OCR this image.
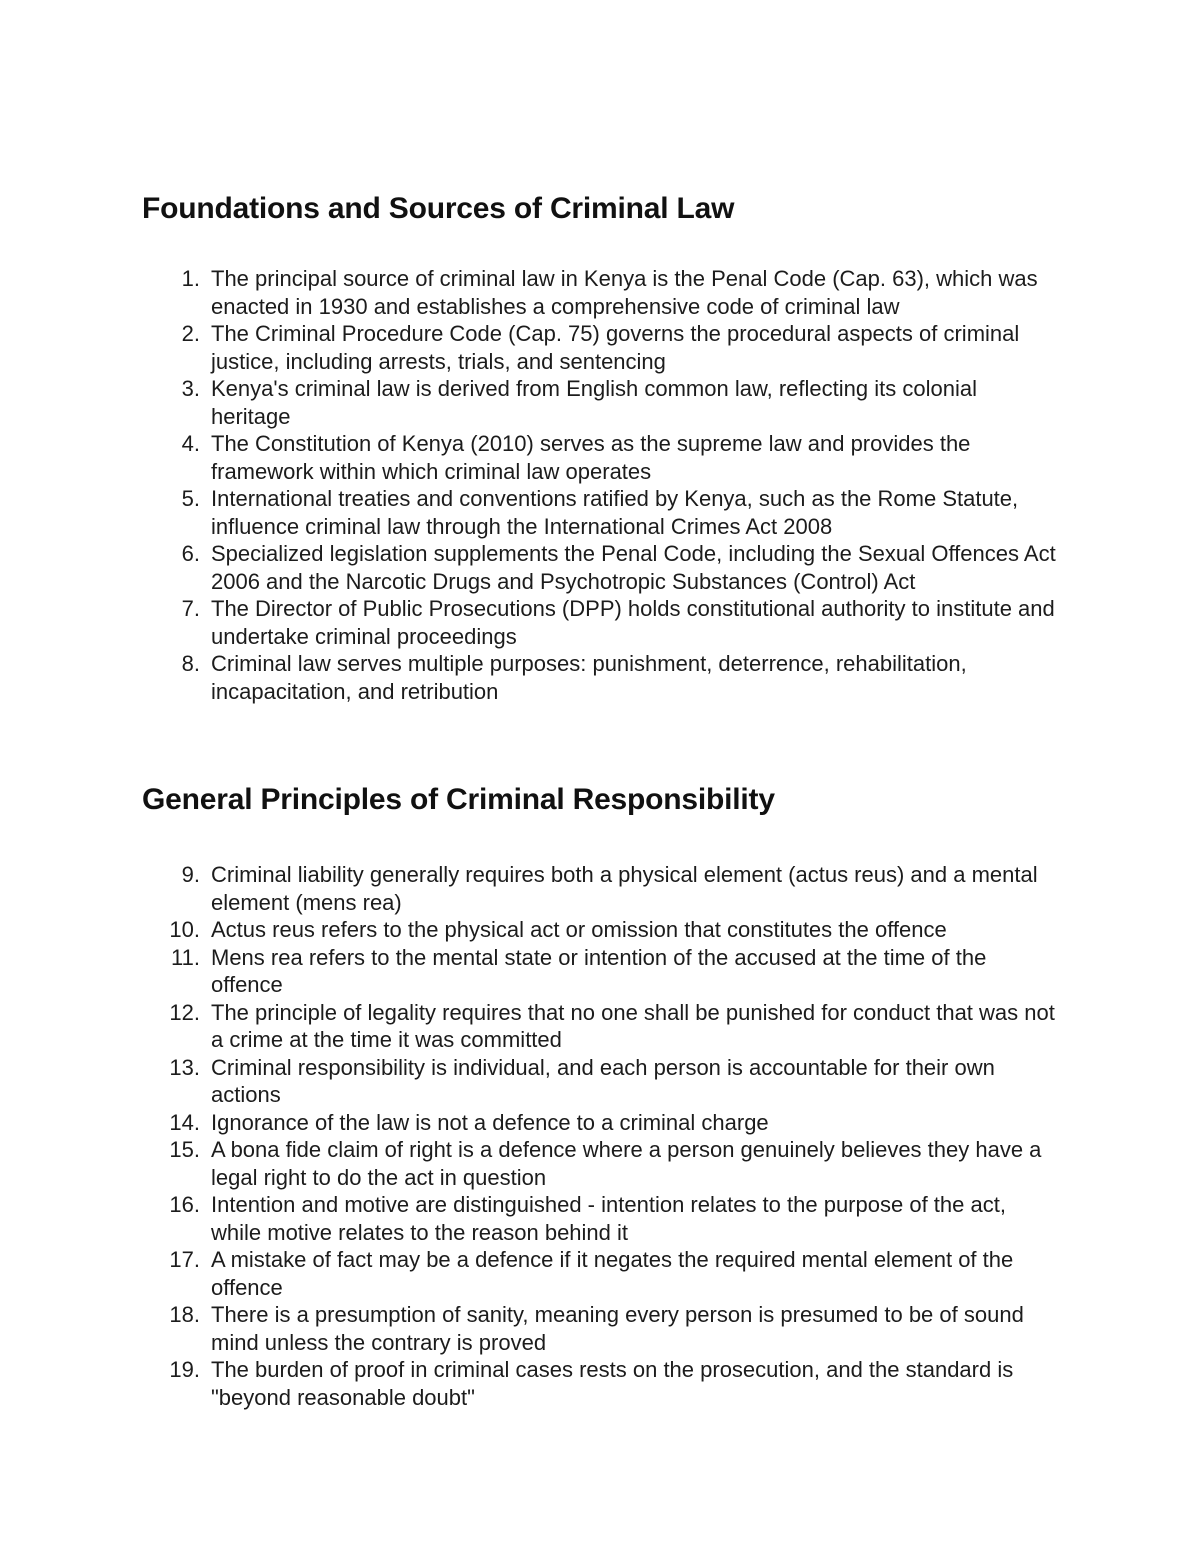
Foundations and Sources of Criminal Law
1. The principal source of criminal law in Kenya is the Penal Code (Cap. 63), which was enacted in 1930 and establishes a comprehensive code of criminal law
2. The Criminal Procedure Code (Cap. 75) governs the procedural aspects of criminal justice, including arrests, trials, and sentencing
3. Kenya's criminal law is derived from English common law, reflecting its colonial heritage
4. The Constitution of Kenya (2010) serves as the supreme law and provides the framework within which criminal law operates
5. International treaties and conventions ratified by Kenya, such as the Rome Statute, influence criminal law through the International Crimes Act 2008
6. Specialized legislation supplements the Penal Code, including the Sexual Offences Act 2006 and the Narcotic Drugs and Psychotropic Substances (Control) Act
7. The Director of Public Prosecutions (DPP) holds constitutional authority to institute and undertake criminal proceedings
8. Criminal law serves multiple purposes: punishment, deterrence, rehabilitation, incapacitation, and retribution
General Principles of Criminal Responsibility
9. Criminal liability generally requires both a physical element (actus reus) and a mental element (mens rea)
10. Actus reus refers to the physical act or omission that constitutes the offence
11. Mens rea refers to the mental state or intention of the accused at the time of the offence
12. The principle of legality requires that no one shall be punished for conduct that was not a crime at the time it was committed
13. Criminal responsibility is individual, and each person is accountable for their own actions
14. Ignorance of the law is not a defence to a criminal charge
15. A bona fide claim of right is a defence where a person genuinely believes they have a legal right to do the act in question
16. Intention and motive are distinguished - intention relates to the purpose of the act, while motive relates to the reason behind it
17. A mistake of fact may be a defence if it negates the required mental element of the offence
18. There is a presumption of sanity, meaning every person is presumed to be of sound mind unless the contrary is proved
19. The burden of proof in criminal cases rests on the prosecution, and the standard is "beyond reasonable doubt"
